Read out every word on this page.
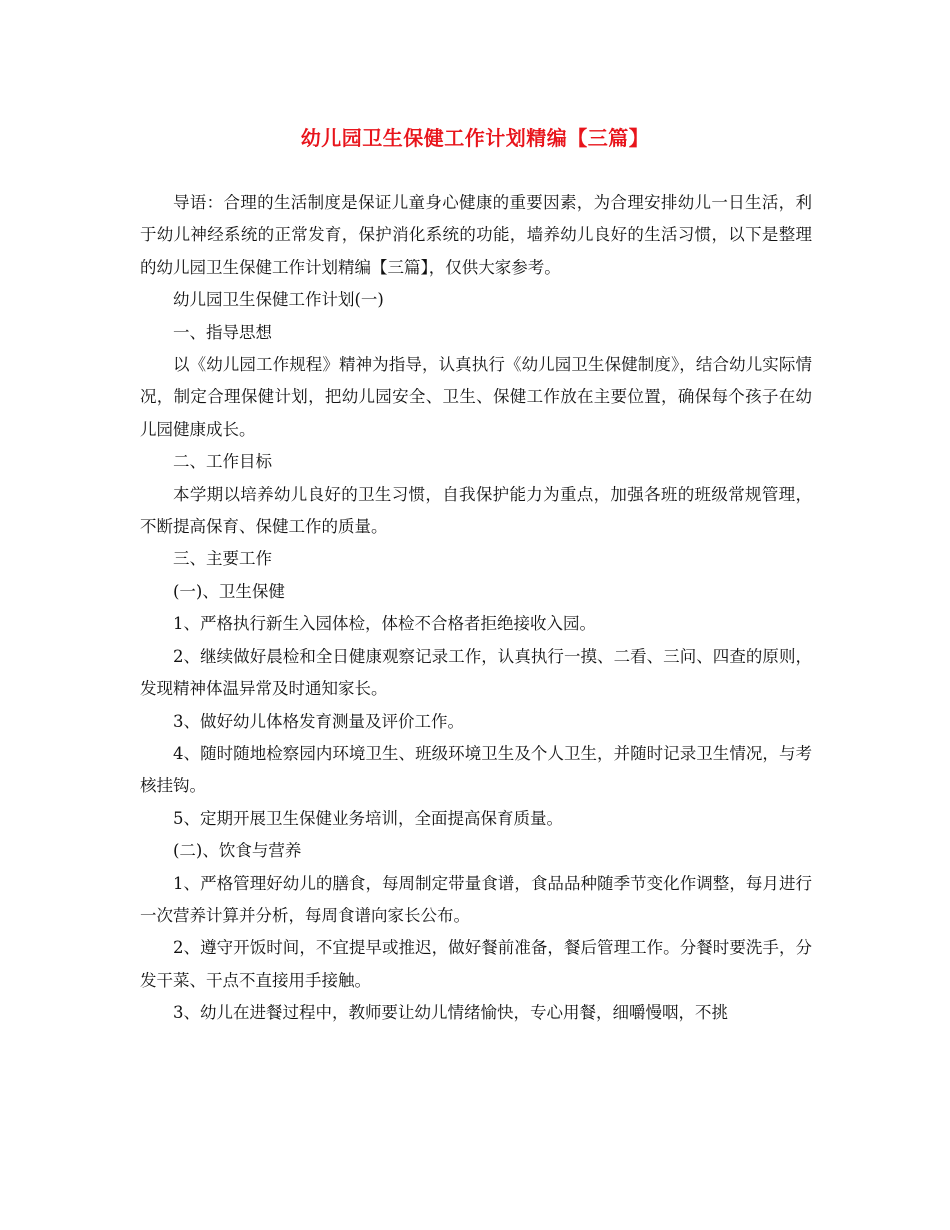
幼儿园卫生保健工作计划精编【三篇】

导语：合理的生活制度是保证儿童身心健康的重要因素，为合理安排幼儿一日生活，利于幼儿神经系统的正常发育，保护消化系统的功能，墙养幼儿良好的生活习惯，以下是整理的幼儿园卫生保健工作计划精编【三篇】，仅供大家参考。

幼儿园卫生保健工作计划(一)

一、指导思想

以《幼儿园工作规程》精神为指导，认真执行《幼儿园卫生保健制度》，结合幼儿实际情况，制定合理保健计划，把幼儿园安全、卫生、保健工作放在主要位置，确保每个孩子在幼儿园健康成长。

二、工作目标

本学期以培养幼儿良好的卫生习惯，自我保护能力为重点，加强各班的班级常规管理，不断提高保育、保健工作的质量。

三、主要工作

(一)、卫生保健

1、严格执行新生入园体检，体检不合格者拒绝接收入园。

2、继续做好晨检和全日健康观察记录工作，认真执行一摸、二看、三问、四查的原则，发现精神体温异常及时通知家长。

3、做好幼儿体格发育测量及评价工作。

4、随时随地检察园内环境卫生、班级环境卫生及个人卫生，并随时记录卫生情况，与考核挂钩。

5、定期开展卫生保健业务培训，全面提高保育质量。

(二)、饮食与营养

1、严格管理好幼儿的膳食，每周制定带量食谱，食品品种随季节变化作调整，每月进行一次营养计算并分析，每周食谱向家长公布。

2、遵守开饭时间，不宜提早或推迟，做好餐前准备，餐后管理工作。分餐时要洗手，分发干菜、干点不直接用手接触。

3、幼儿在进餐过程中，教师要让幼儿情绪愉快，专心用餐，细嚼慢咽，不挑
